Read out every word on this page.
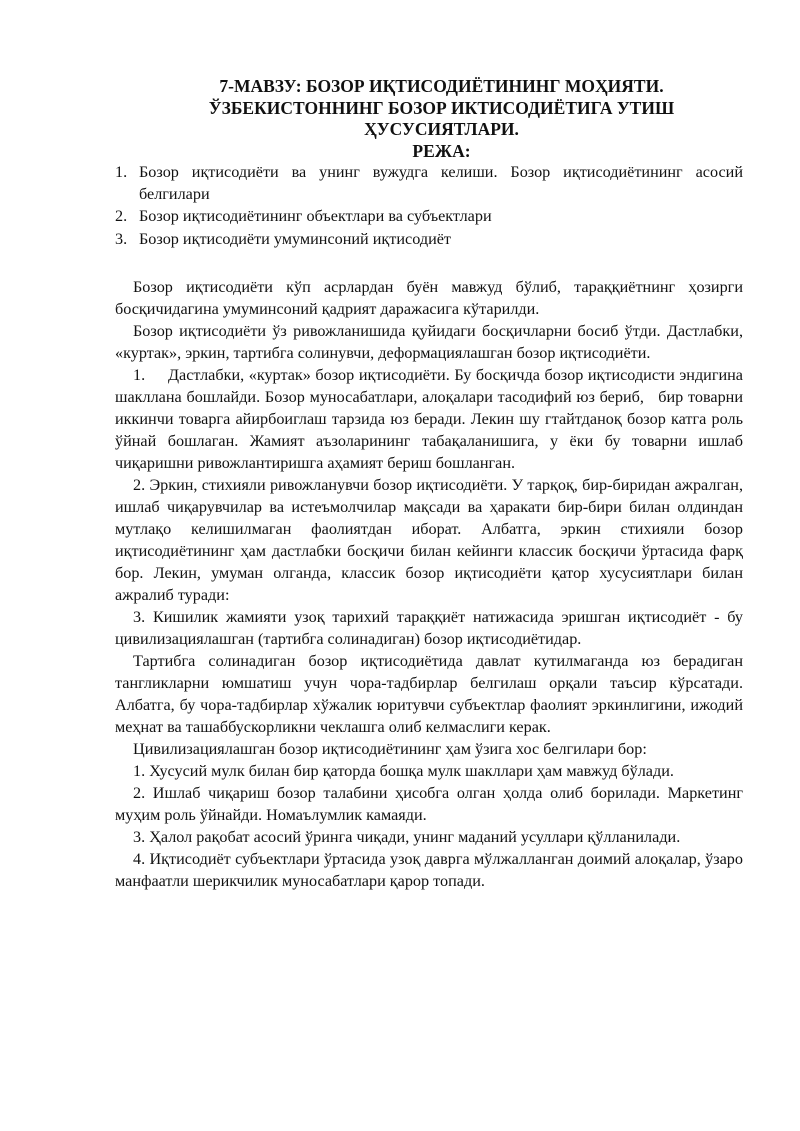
7-МАВЗУ: БОЗОР ИҚТИСОДИЁТИНИНГ МОҲИЯТИ.
ЎЗБЕКИСТОННИНГ БОЗОР ИКТИСОДИЁТИГА УТИШ
ҲУСУСИЯТЛАРИ.
РЕЖА:
1. Бозор иқтисодиёти ва унинг вужудга келиши. Бозор иқтисодиётининг асосий белгилари
2. Бозор иқтисодиётининг объектлари ва субъектлари
3. Бозор иқтисодиёти умуминсоний иқтисодиёт

Бозор иқтисодиёти кўп асрлардан буён мавжуд бўлиб, тараққиётнинг ҳозирги босқичидагина умуминсоний қадрият даражасига кўтарилди.

Бозор иқтисодиёти ўз ривожланишида қуйидаги босқичларни босиб ўтди. Дастлабки, «куртак», эркин, тартибга солинувчи, деформациялашган бозор иқтисодиёти.

1.     Дастлабки, «куртак» бозор иқтисодиёти. Бу босқичда бозор иқтисодисти эндигина шакллана бошлайди. Бозор муносабатлари, алоқалари тасодифий юз бериб,   бир товарни иккинчи товарга айирбоиглаш тарзида юз беради. Лекин шу гтайтданоқ бозор катга роль ўйнай бошлаган. Жамият аъзоларининг табақаланишига, у ёки бу товарни ишлаб чиқаришни ривожлантиришга аҳамият бериш бошланган.

2. Эркин, стихияли ривожланувчи бозор иқтисодиёти. У тарқоқ, бир-биридан ажралган, ишлаб чиқарувчилар ва истеъмолчилар мақсади ва ҳаракати бир-бири билан олдиндан мутлақо келишилмаган фаолиятдан иборат. Албатга, эркин стихияли бозор иқтисодиётининг ҳам дастлабки босқичи билан кейинги классик босқичи ўртасида фарқ бор. Лекин, умуман олганда, классик бозор иқтисодиёти қатор хусусиятлари билан ажралиб туради:

3. Кишилик жамияти узоқ тарихий тараққиёт натижасида эришган иқтисодиёт - бу цивилизациялашган (тартибга солинадиган) бозор иқтисодиётидар.

Тартибга солинадиган бозор иқтисодиётида давлат кутилмаганда юз берадиган тангликларни юмшатиш учун чора-тадбирлар белгилаш орқали таъсир кўрсатади. Албатга, бу чора-тадбирлар хўжалик юритувчи субъектлар фаолият эркинлигини, ижодий меҳнат ва ташаббускорликни чеклашга олиб келмаслиги керак.

Цивилизациялашган бозор иқтисодиётининг ҳам ўзига хос белгилари бор:

1. Хусусий мулк билан бир қаторда бошқа мулк шакллари ҳам мавжуд бўлади.

2. Ишлаб чиқариш бозор талабини ҳисобга олган ҳолда олиб борилади. Маркетинг муҳим роль ўйнайди. Номаълумлик камаяди.

3. Ҳалол рақобат асосий ўринга чиқади, унинг маданий усуллари қўлланилади.

4. Иқтисодиёт субъектлари ўртасида узоқ даврга мўлжалланган доимий алоқалар, ўзаро манфаатли шерикчилик муносабатлари қарор топади.
